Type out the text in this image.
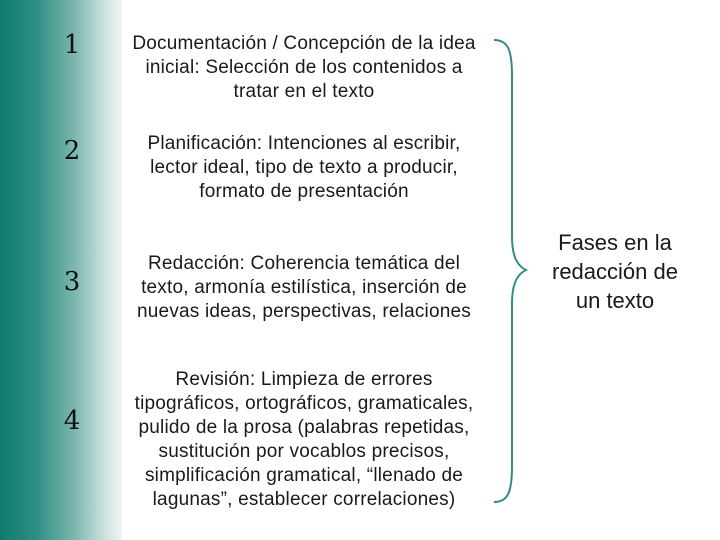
1	Documentación / Concepción de la idea
inicial: Selección de los contenidos a
tratar en el texto
2	Planificación: Intenciones al escribir,
lector ideal, tipo de texto a producir,
formato de presentación
3
Redacción: Coherencia temática del
texto, armonía estilística, inserción de
nuevas ideas, perspectivas, relaciones
4
Revisión: Limpieza de errores
tipográficos, ortográficos, gramaticales,
pulido de la prosa (palabras repetidas,
sustitución por vocablos precisos,
simplificación gramatical, “llenado de
lagunas”, establecer correlaciones)
Fases en la
redacción de
un texto
